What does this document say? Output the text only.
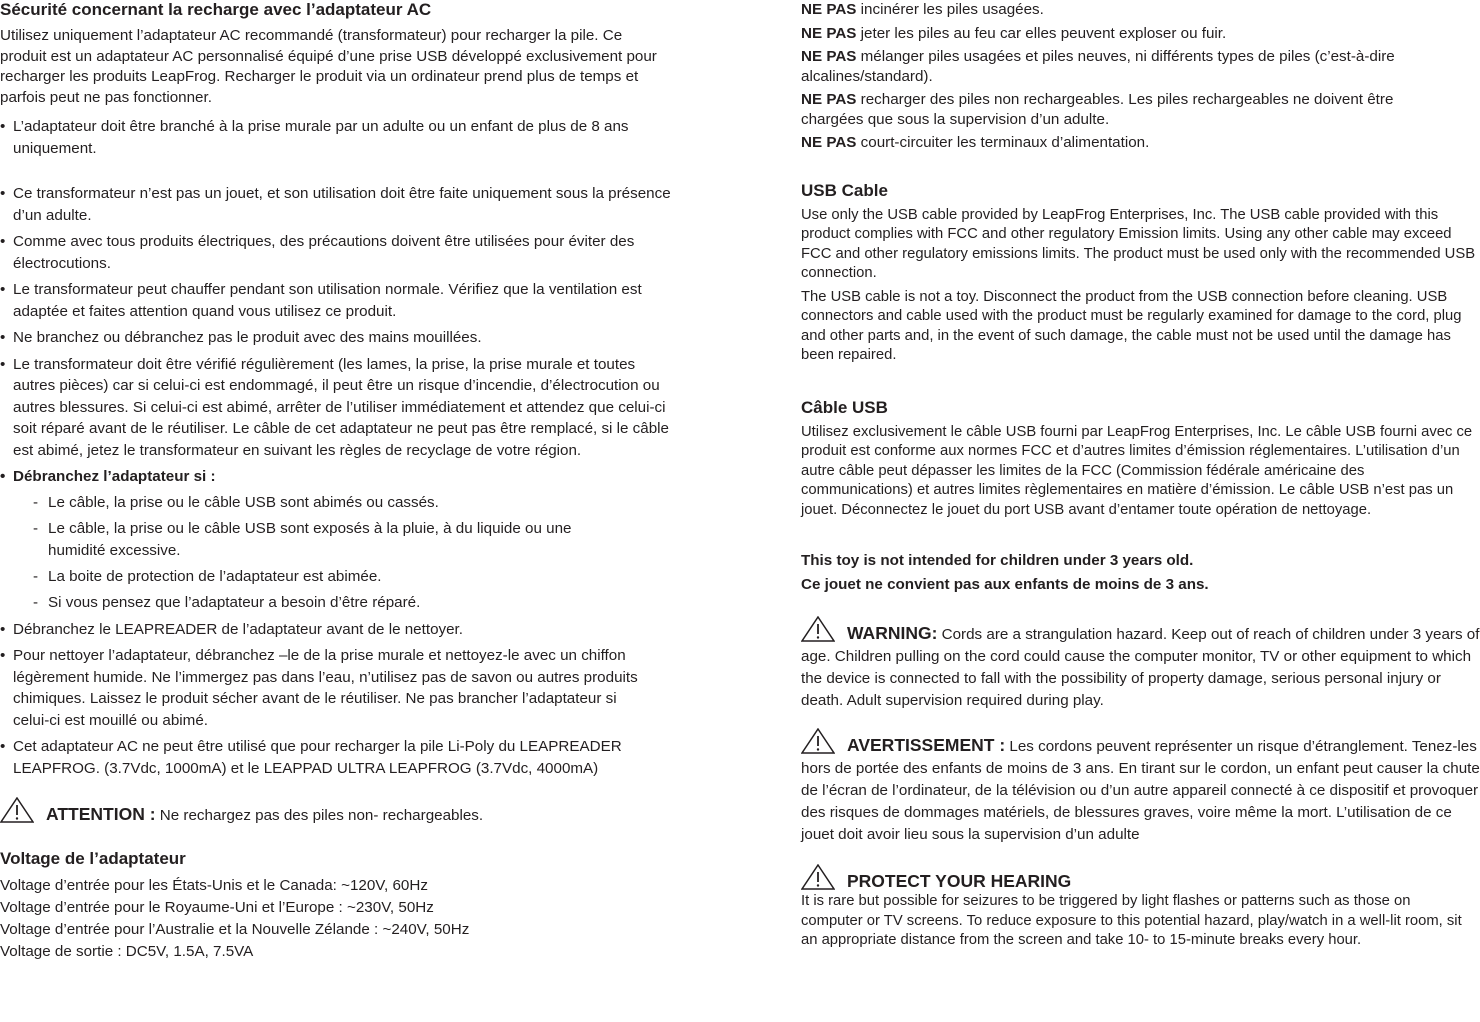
Sécurité concernant la recharge avec l’adaptateur AC

Utilisez uniquement l’adaptateur AC recommandé (transformateur) pour recharger la pile. Ce produit est un adaptateur AC personnalisé équipé d’une prise USB développé exclusivement pour recharger les produits LeapFrog. Recharger le produit via un ordinateur prend plus de temps et parfois peut ne pas fonctionner.

• L’adaptateur doit être branché à la prise murale par un adulte ou un enfant de plus de 8 ans uniquement.
• Ce transformateur n’est pas un jouet, et son utilisation doit être faite uniquement sous la présence d’un adulte.
• Comme avec tous produits électriques, des précautions doivent être utilisées pour éviter des électrocutions.
• Le transformateur peut chauffer pendant son utilisation normale. Vérifiez que la ventilation est adaptée et faites attention quand vous utilisez ce produit.
• Ne branchez ou débranchez pas le produit avec des mains mouillées.
• Le transformateur doit être vérifié régulièrement (les lames, la prise, la prise murale et toutes autres pièces) car si celui-ci est endommagé, il peut être un risque d’incendie, d’électrocution ou autres blessures. Si celui-ci est abimé, arrêter de l’utiliser immédiatement et attendez que celui-ci soit réparé avant de le réutiliser. Le câble de cet adaptateur ne peut pas être remplacé, si le câble est abimé, jetez le transformateur en suivant les règles de recyclage de votre région.
• Débranchez l’adaptateur si :
- Le câble, la prise ou le câble USB sont abimés ou cassés.
- Le câble, la prise ou le câble USB sont exposés à la pluie, à du liquide ou une humidité excessive.
- La boite de protection de l’adaptateur est abimée.
- Si vous pensez que l’adaptateur a besoin d’être réparé.
• Débranchez le LEAPREADER de l’adaptateur avant de le nettoyer.
• Pour nettoyer l’adaptateur, débranchez –le de la prise murale et nettoyez-le avec un chiffon légèrement humide. Ne l’immergez pas dans l’eau, n’utilisez pas de savon ou autres produits chimiques. Laissez le produit sécher avant de le réutiliser. Ne pas brancher l’adaptateur si celui-ci est mouillé ou abimé.
• Cet adaptateur AC ne peut être utilisé que pour recharger la pile Li-Poly du LEAPREADER LEAPFROG. (3.7Vdc, 1000mA) et le LEAPPAD ULTRA LEAPFROG (3.7Vdc, 4000mA)
ATTENTION : Ne rechargez pas des piles non- rechargeables.
Voltage de l’adaptateur
Voltage d’entrée pour les États-Unis et le Canada: ~120V, 60Hz
Voltage d’entrée pour le Royaume-Uni et l’Europe : ~230V, 50Hz
Voltage d’entrée pour l’Australie et la Nouvelle Zélande : ~240V, 50Hz
Voltage de sortie : DC5V, 1.5A, 7.5VA
NE PAS incinérer les piles usagées.
NE PAS jeter les piles au feu car elles peuvent exploser ou fuir.
NE PAS mélanger piles usagées et piles neuves, ni différents types de piles (c’est-à-dire alcalines/standard).
NE PAS recharger des piles non rechargeables. Les piles rechargeables ne doivent être chargées que sous la supervision d’un adulte.
NE PAS court-circuiter les terminaux d’alimentation.
USB Cable

Use only the USB cable provided by LeapFrog Enterprises, Inc. The USB cable provided with this product complies with FCC and other regulatory Emission limits. Using any other cable may exceed FCC and other regulatory emissions limits. The product must be used only with the recommended USB connection.

The USB cable is not a toy. Disconnect the product from the USB connection before cleaning. USB connectors and cable used with the product must be regularly examined for damage to the cord, plug and other parts and, in the event of such damage, the cable must not be used until the damage has been repaired.

Câble USB

Utilisez exclusivement le câble USB fourni par LeapFrog Enterprises, Inc. Le câble USB fourni avec ce produit est conforme aux normes FCC et d’autres limites d’émission réglementaires. L’utilisation d’un autre câble peut dépasser les limites de la FCC (Commission fédérale américaine des communications) et autres limites règlementaires en matière d’émission. Le câble USB n’est pas un jouet. Déconnectez le jouet du port USB avant d’entamer toute opération de nettoyage.

This toy is not intended for children under 3 years old.
Ce jouet ne convient pas aux enfants de moins de 3 ans.
WARNING: Cords are a strangulation hazard. Keep out of reach of children under 3 years of age. Children pulling on the cord could cause the computer monitor, TV or other equipment to which the device is connected to fall with the possibility of property damage, serious personal injury or death. Adult supervision required during play.
AVERTISSEMENT : Les cordons peuvent représenter un risque d’étranglement. Tenez-les hors de portée des enfants de moins de 3 ans. En tirant sur le cordon, un enfant peut causer la chute de l’écran de l’ordinateur, de la télévision ou d’un autre appareil connecté à ce dispositif et provoquer des risques de dommages matériels, de blessures graves, voire même la mort. L’utilisation de ce jouet doit avoir lieu sous la supervision d’un adulte
PROTECT YOUR HEARING

It is rare but possible for seizures to be triggered by light flashes or patterns such as those on computer or TV screens. To reduce exposure to this potential hazard, play/watch in a well-lit room, sit an appropriate distance from the screen and take 10- to 15-minute breaks every hour.
